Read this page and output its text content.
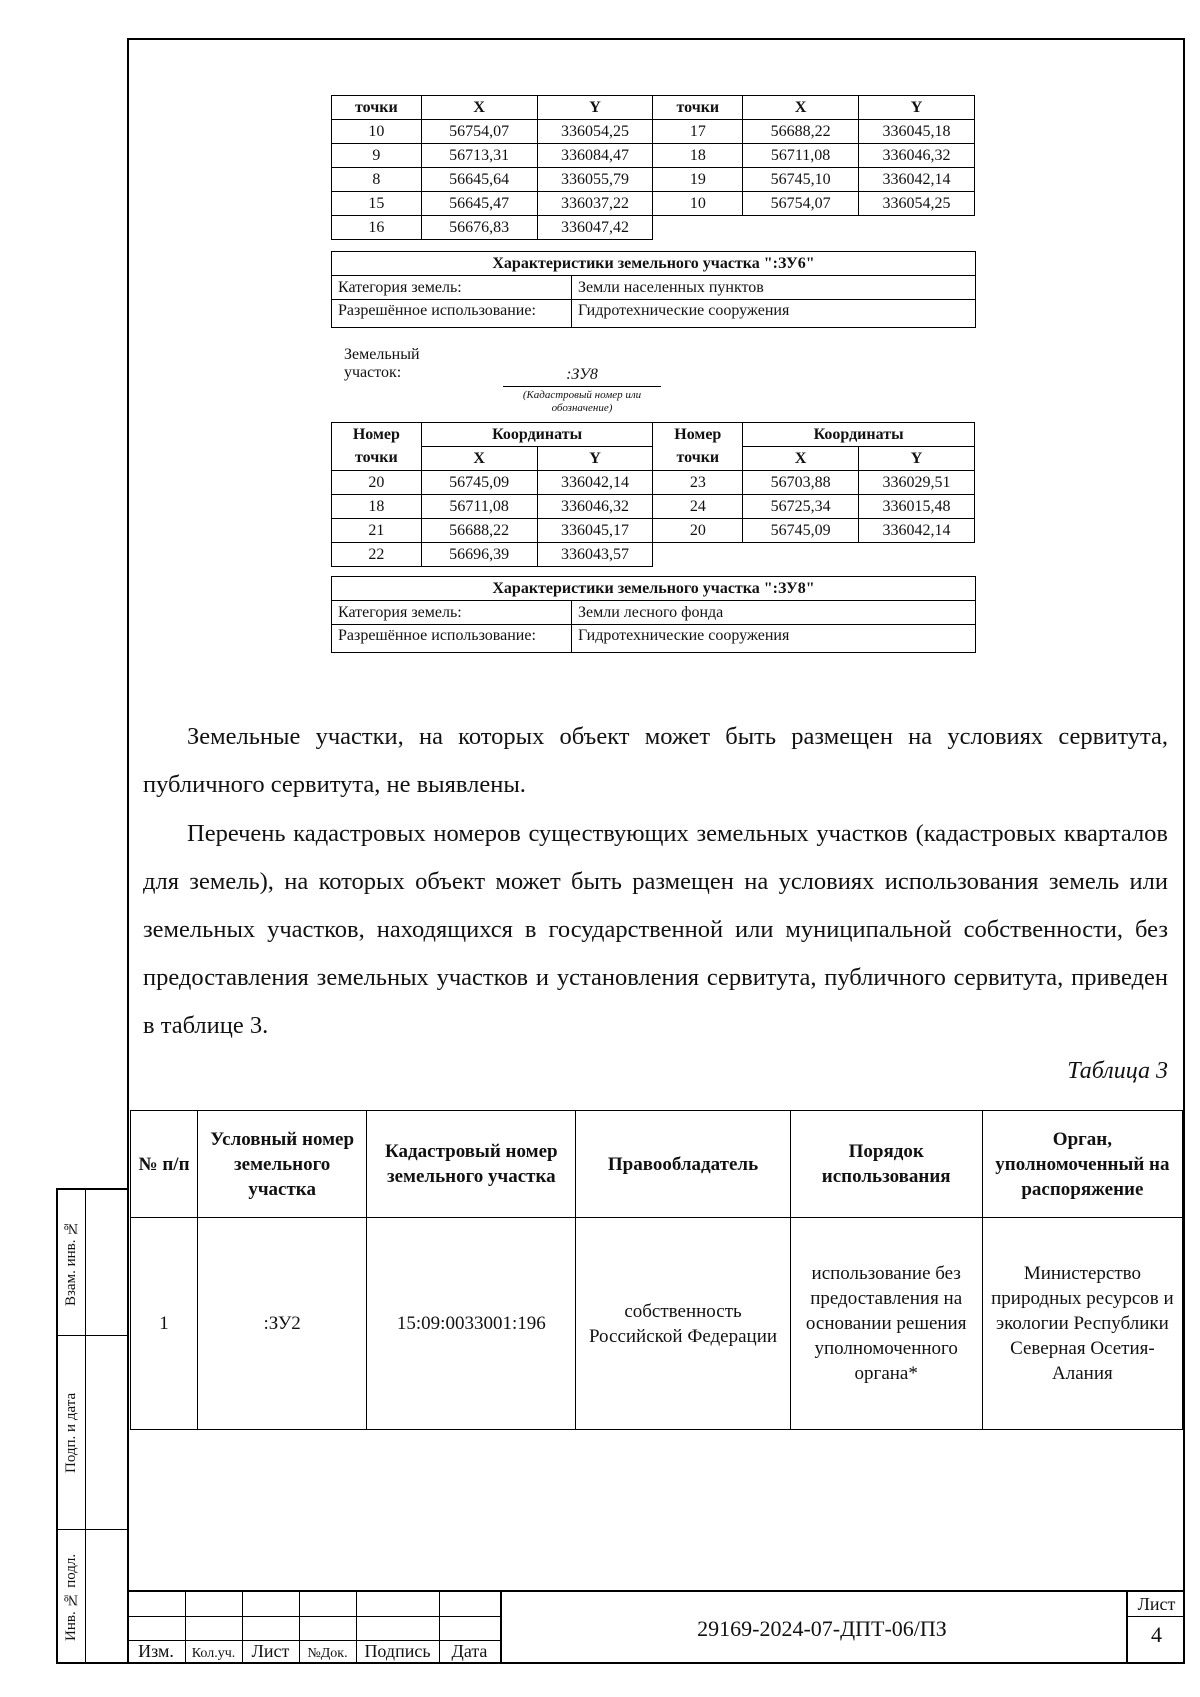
точки	X	Y	точки	X	Y
10	56754,07	336054,25	17	56688,22	336045,18
9	56713,31	336084,47	18	56711,08	336046,32
8	56645,64	336055,79	19	56745,10	336042,14
15	56645,47	336037,22	10	56754,07	336054,25
16	56676,83	336047,42			
Характеристики земельного участка ":ЗУ6"	
Категория земель:	Земли населенных пунктов
Разрешённое использование:	Гидротехнические сооружения
Земельный участок:	:ЗУ8
(Кадастровый номер или обозначение)
Номер	Координаты		Номер	Координаты	
точки	X	Y	точки	X	Y
20	56745,09	336042,14	23	56703,88	336029,51
18	56711,08	336046,32	24	56725,34	336015,48
21	56688,22	336045,17	20	56745,09	336042,14
22	56696,39	336043,57			
Характеристики земельного участка ":ЗУ8"	
Категория земель:	Земли лесного фонда
Разрешённое использование:	Гидротехнические сооружения
Земельные участки, на которых объект может быть размещен на условиях сервитута, публичного сервитута, не выявлены.
Перечень кадастровых номеров существующих земельных участков (кадастровых кварталов для земель), на которых объект может быть размещен на условиях использования земель или земельных участков, находящихся в государственной или муниципальной собственности, без предоставления земельных участков и установления сервитута, публичного сервитута, приведен в таблице 3.
Таблица 3
№ п/п	Условный номер земельного участка	Кадастровый номер земельного участка	Правообладатель	Порядок использования	Орган, уполномоченный на распоряжение
1	:ЗУ2	15:09:0033001:196	собственность Российской Федерации	использование без предоставления на основании решения уполномоченного органа*	Министерство природных ресурсов и экологии Республики Северная Осетия-Алания
Взам. инв. №
Подп. и дата
Инв. № подл.
Изм.	Кол.уч. Лист	№Док. Подпись	Дата
29169-2024-07-ДПТ-06/ПЗ
Лист
4
